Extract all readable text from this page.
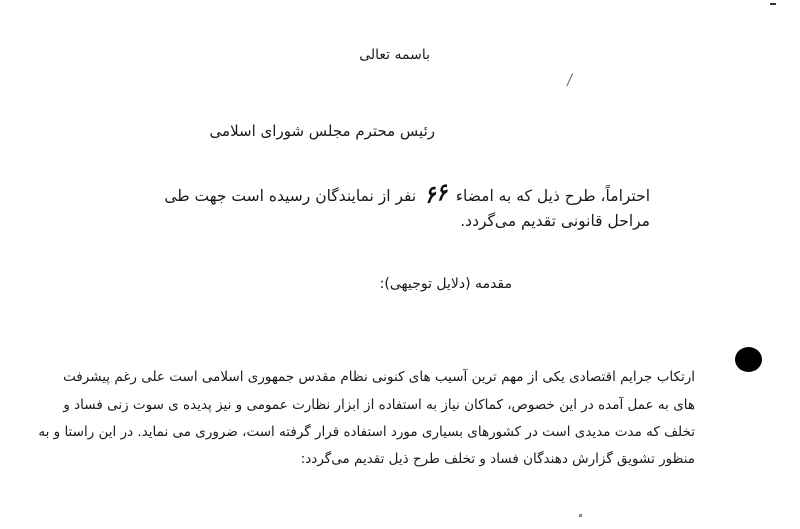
باسمه تعالی
رئیس محترم مجلس شورای اسلامی
احتراماً، طرح ذیل که به امضاء ۶۶ نفر از نمایندگان رسیده است جهت طی
مراحل قانونی تقدیم می‌گردد.
مقدمه (دلایل توجیهی):
ارتکاب جرایم اقتصادی یکی از مهم ترین آسیب های کنونی نظام مقدس جمهوری اسلامی است علی رغم پیشرفت
های به عمل آمده در این خصوص، کماکان نیاز به استفاده از ابزار نظارت عمومی و نیز پدیده ی سوت زنی فساد و
تخلف که مدت مدیدی است در کشورهای بسیاری مورد استفاده قرار گرفته است، ضروری می نماید. در این راستا و به
منظور تشویق گزارش دهندگان فساد و تخلف طرح ذیل تقدیم می‌گردد:
